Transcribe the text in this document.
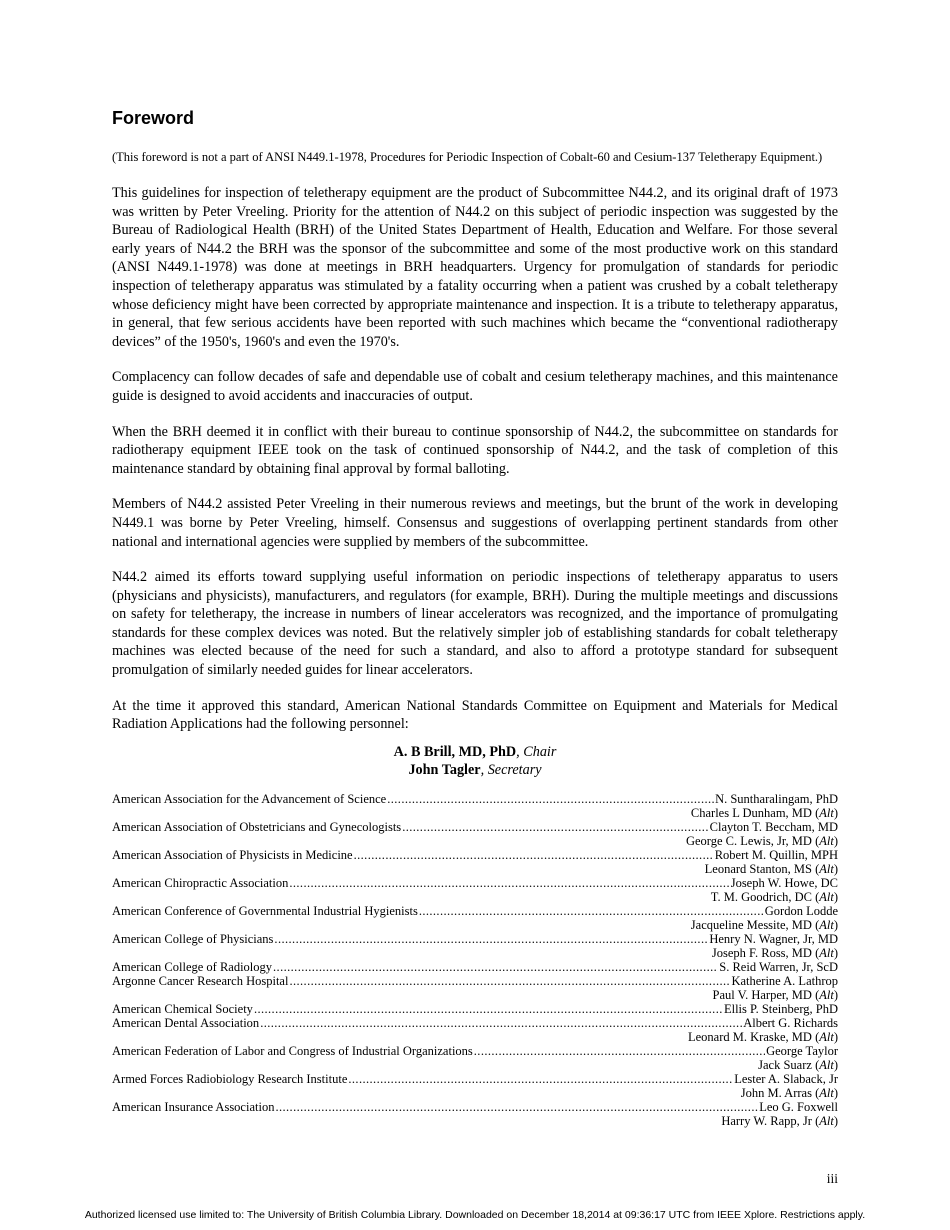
Foreword

(This foreword is not a part of ANSI N449.1-1978, Procedures for Periodic Inspection of Cobalt-60 and Cesium-137 Teletherapy Equipment.)

This guidelines for inspection of teletherapy equipment are the product of Subcommittee N44.2, and its original draft of 1973 was written by Peter Vreeling. Priority for the attention of N44.2 on this subject of periodic inspection was suggested by the Bureau of Radiological Health (BRH) of the United States Department of Health, Education and Welfare. For those several early years of N44.2 the BRH was the sponsor of the subcommittee and some of the most productive work on this standard (ANSI N449.1-1978) was done at meetings in BRH headquarters. Urgency for promulgation of standards for periodic inspection of teletherapy apparatus was stimulated by a fatality occurring when a patient was crushed by a cobalt teletherapy whose deficiency might have been corrected by appropriate maintenance and inspection. It is a tribute to teletherapy apparatus, in general, that few serious accidents have been reported with such machines which became the “conventional radiotherapy devices” of the 1950's, 1960's and even the 1970's.

Complacency can follow decades of safe and dependable use of cobalt and cesium teletherapy machines, and this maintenance guide is designed to avoid accidents and inaccuracies of output.

When the BRH deemed it in conflict with their bureau to continue sponsorship of N44.2, the subcommittee on standards for radiotherapy equipment IEEE took on the task of continued sponsorship of N44.2, and the task of completion of this maintenance standard by obtaining final approval by formal balloting.

Members of N44.2 assisted Peter Vreeling in their numerous reviews and meetings, but the brunt of the work in developing N449.1 was borne by Peter Vreeling, himself. Consensus and suggestions of overlapping pertinent standards from other national and international agencies were supplied by members of the subcommittee.

N44.2 aimed its efforts toward supplying useful information on periodic inspections of teletherapy apparatus to users (physicians and physicists), manufacturers, and regulators (for example, BRH). During the multiple meetings and discussions on safety for teletherapy, the increase in numbers of linear accelerators was recognized, and the importance of promulgating standards for these complex devices was noted. But the relatively simpler job of establishing standards for cobalt teletherapy machines was elected because of the need for such a standard, and also to afford a prototype standard for subsequent promulgation of similarly needed guides for linear accelerators.

At the time it approved this standard, American National Standards Committee on Equipment and Materials for Medical Radiation Applications had the following personnel:

A. B Brill, MD, PhD, Chair
John Tagler, Secretary
American Association for the Advancement of Science .....	N. Suntharalingam, PhD
Charles L Dunham, MD (Alt)
American Association of Obstetricians and Gynecologists .....	Clayton T. Beccham, MD
George C. Lewis, Jr, MD (Alt)
American Association of Physicists in Medicine .....	Robert M. Quillin, MPH
Leonard Stanton, MS (Alt)
American Chiropractic Association .....	Joseph W. Howe, DC
T. M. Goodrich, DC (Alt)
American Conference of Governmental Industrial Hygienists .....	Gordon Lodde
Jacqueline Messite, MD (Alt)
American College of Physicians .....	Henry N. Wagner, Jr, MD
Joseph F. Ross, MD (Alt)
American College of Radiology .....	S. Reid Warren, Jr, ScD
Argonne Cancer Research Hospital .....	Katherine A. Lathrop
Paul V. Harper, MD (Alt)
American Chemical Society .....	Ellis P. Steinberg, PhD
American Dental Association .....	Albert G. Richards
Leonard M. Kraske, MD (Alt)
American Federation of Labor and Congress of Industrial Organizations .....	George Taylor
Jack Suarz (Alt)
Armed Forces Radiobiology Research Institute .....	Lester A. Slaback, Jr
John M. Arras (Alt)
American Insurance Association .....	Leo G. Foxwell
Harry W. Rapp, Jr (Alt)
iii
Authorized licensed use limited to: The University of British Columbia Library. Downloaded on December 18,2014 at 09:36:17 UTC from IEEE Xplore. Restrictions apply.
